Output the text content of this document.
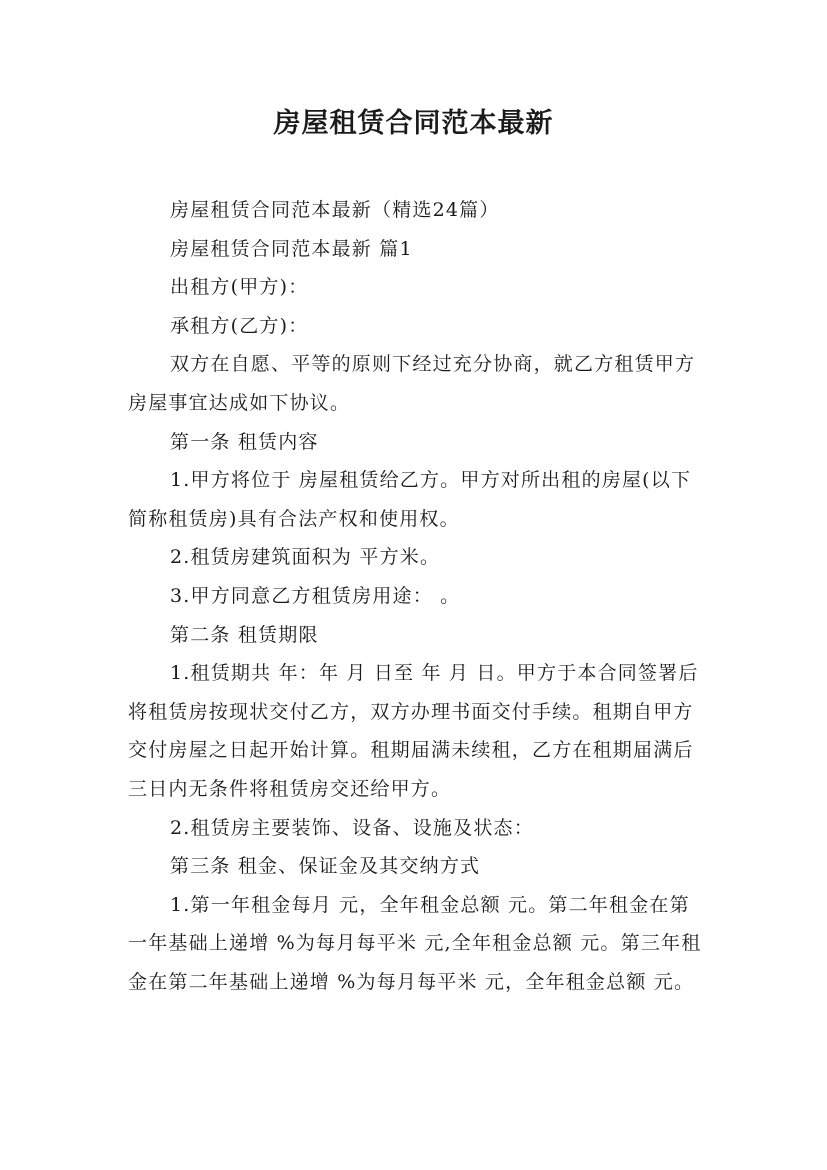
房屋租赁合同范本最新

房屋租赁合同范本最新（精选24篇）

房屋租赁合同范本最新 篇1

出租方(甲方)：

承租方(乙方)：

双方在自愿、平等的原则下经过充分协商，就乙方租赁甲方房屋事宜达成如下协议。

第一条 租赁内容

1.甲方将位于 房屋租赁给乙方。甲方对所出租的房屋(以下简称租赁房)具有合法产权和使用权。

2.租赁房建筑面积为 平方米。

3.甲方同意乙方租赁房用途： 。

第二条 租赁期限

1.租赁期共 年：年 月 日至 年 月 日。甲方于本合同签署后将租赁房按现状交付乙方，双方办理书面交付手续。租期自甲方交付房屋之日起开始计算。租期届满未续租，乙方在租期届满后三日内无条件将租赁房交还给甲方。

2.租赁房主要装饰、设备、设施及状态：

第三条 租金、保证金及其交纳方式

1.第一年租金每月 元，全年租金总额 元。第二年租金在第一年基础上递增 %为每月每平米 元,全年租金总额 元。第三年租金在第二年基础上递增 %为每月每平米 元，全年租金总额 元。
